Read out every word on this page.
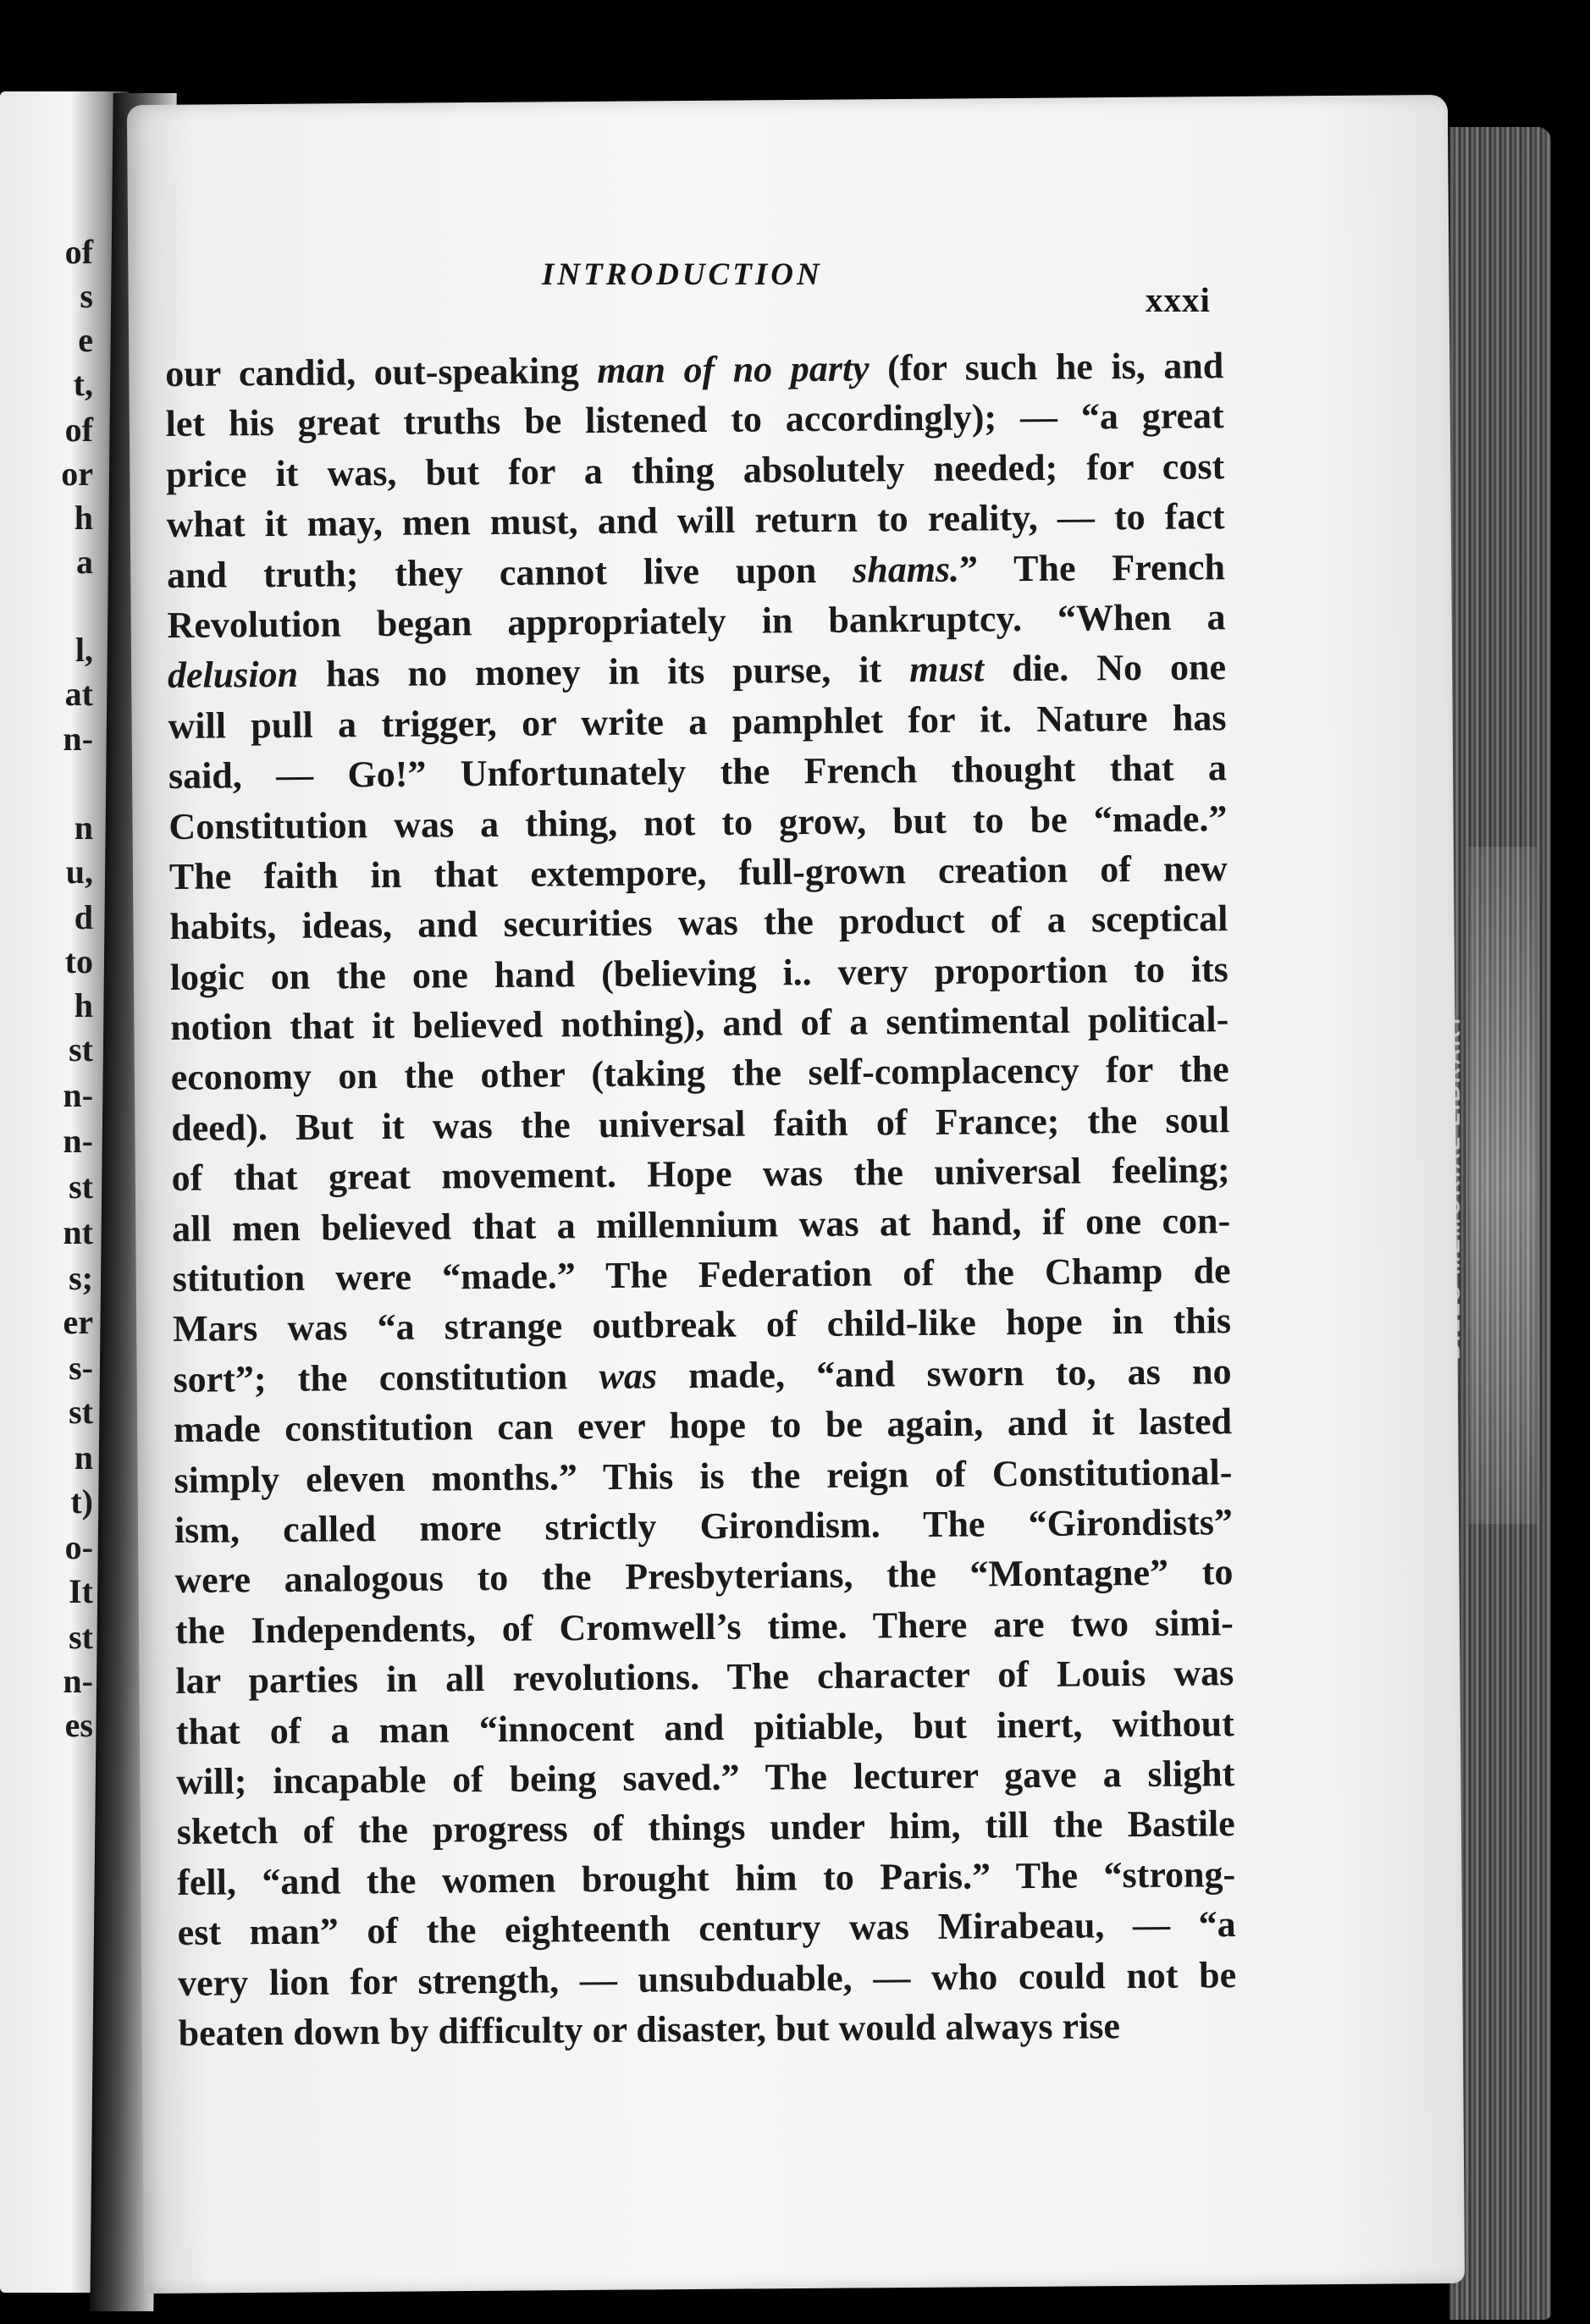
of
s
e
t,
of
or
h
a
l,
at
n-
n
u,
d
to
h
st
n-
n-
st
nt
s;
er
s-
st
n
t)
o-
It
st
n-
es
INTRODUCTION
xxxi
our candid, out-speaking man of no party (for such he is, and
let his great truths be listened to accordingly); — “a great
price it was, but for a thing absolutely needed; for cost
what it may, men must, and will return to reality, — to fact
and truth; they cannot live upon shams.” The French
Revolution began appropriately in bankruptcy. “When a
delusion has no money in its purse, it must die. No one
will pull a trigger, or write a pamphlet for it. Nature has
said, — Go!” Unfortunately the French thought that a
Constitution was a thing, not to grow, but to be “made.”
The faith in that extempore, full-grown creation of new
habits, ideas, and securities was the product of a sceptical
logic on the one hand (believing i.. very proportion to its
notion that it believed nothing), and of a sentimental political-
economy on the other (taking the self-complacency for the
deed). But it was the universal faith of France; the soul
of that great movement. Hope was the universal feeling;
all men believed that a millennium was at hand, if one con-
stitution were “made.” The Federation of the Champ de
Mars was “a strange outbreak of child-like hope in this
sort”; the constitution was made, “and sworn to, as no
made constitution can ever hope to be again, and it lasted
simply eleven months.” This is the reign of Constitutional-
ism, called more strictly Girondism. The “Girondists”
were analogous to the Presbyterians, the “Montagne” to
the Independents, of Cromwell’s time. There are two simi-
lar parties in all revolutions. The character of Louis was
that of a man “innocent and pitiable, but inert, without
will; incapable of being saved.” The lecturer gave a slight
sketch of the progress of things under him, till the Bastile
fell, “and the women brought him to Paris.” The “strong-
est man” of the eighteenth century was Mirabeau, — “a
very lion for strength, — unsubduable, — who could not be
beaten down by difficulty or disaster, but would always rise
